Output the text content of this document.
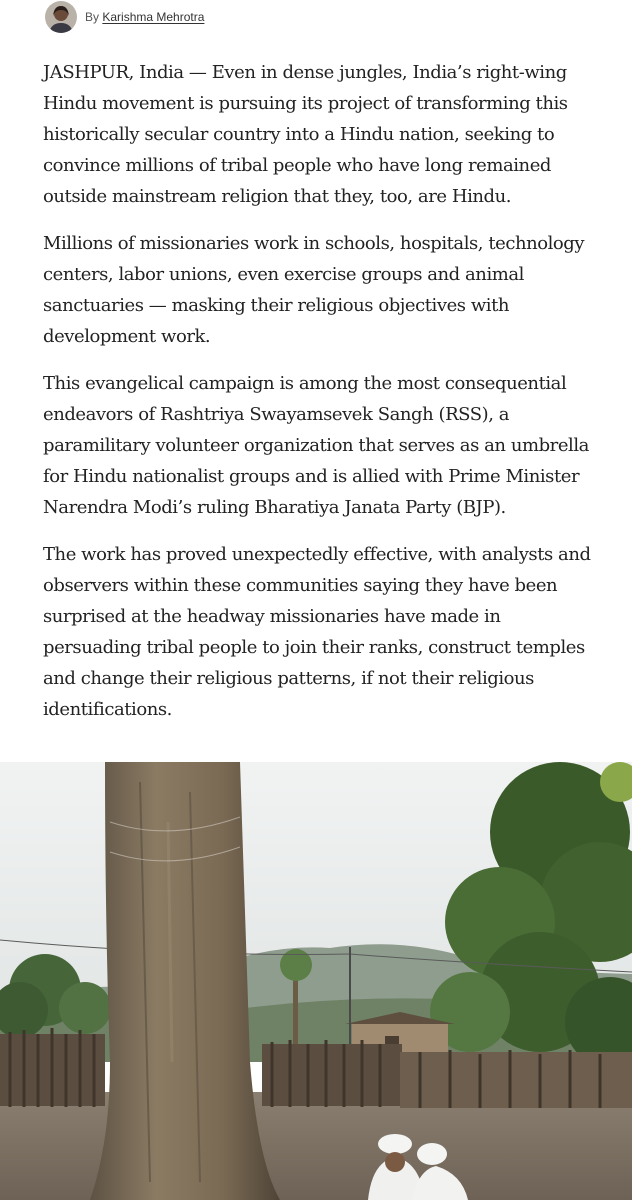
By Karishma Mehrotra

JASHPUR, India — Even in dense jungles, India’s right-wing
Hindu movement is pursuing its project of transforming this
historically secular country into a Hindu nation, seeking to
convince millions of tribal people who have long remained
outside mainstream religion that they, too, are Hindu.

Millions of missionaries work in schools, hospitals, technology
centers, labor unions, even exercise groups and animal
sanctuaries — masking their religious objectives with
development work.

This evangelical campaign is among the most consequential
endeavors of Rashtriya Swayamsevek Sangh (RSS), a
paramilitary volunteer organization that serves as an umbrella
for Hindu nationalist groups and is allied with Prime Minister
Narendra Modi’s ruling Bharatiya Janata Party (BJP).

The work has proved unexpectedly effective, with analysts and
observers within these communities saying they have been
surprised at the headway missionaries have made in
persuading tribal people to join their ranks, construct temples
and change their religious patterns, if not their religious
identifications.
